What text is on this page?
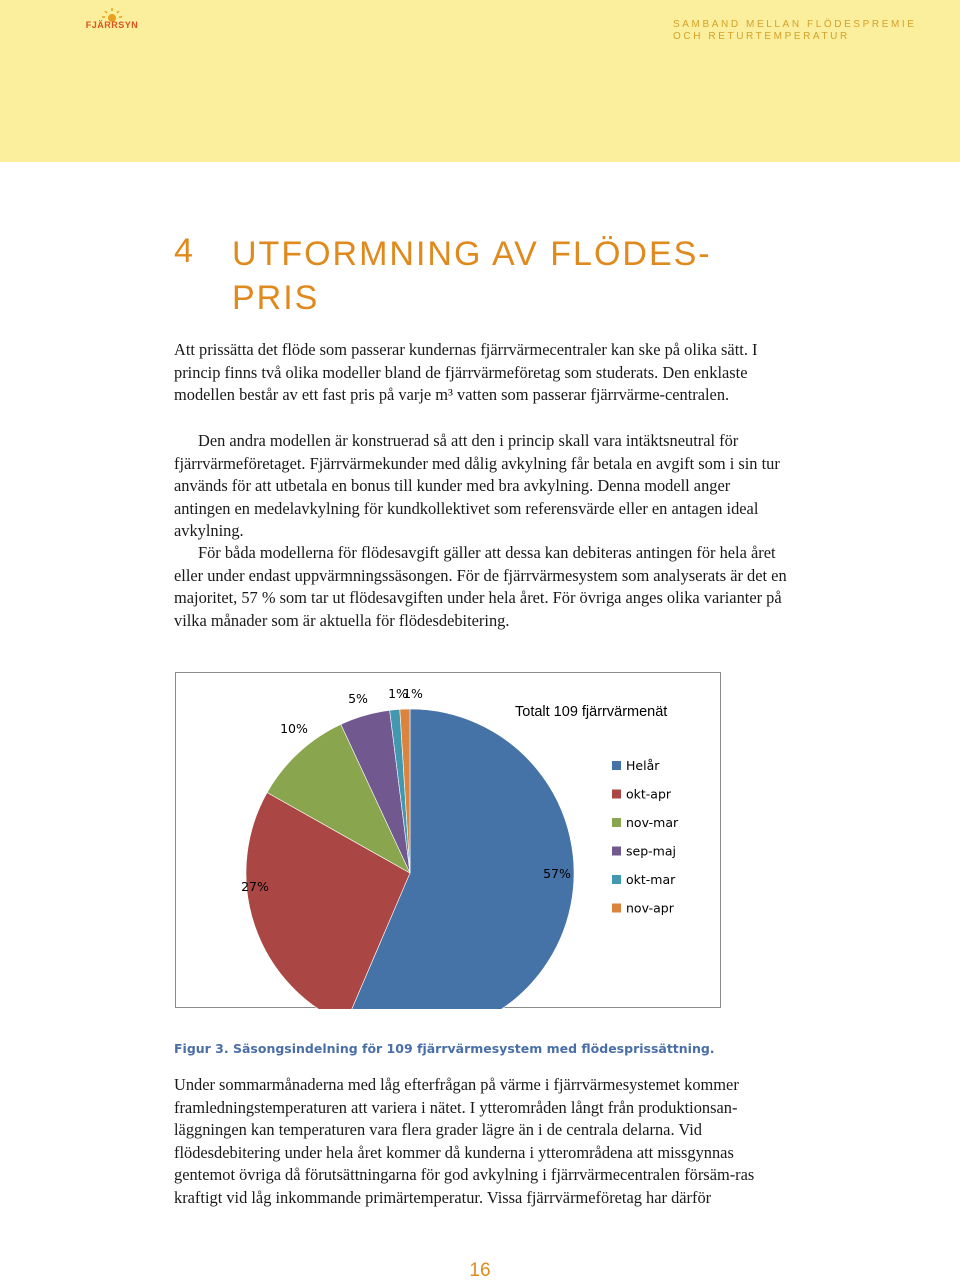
FJÄRRSYN	SAMBAND MELLAN FLÖDESPREMIE OCH RETURTEMPERATUR
4 UTFORMNING AV FLÖDES-PRIS

Att prissätta det flöde som passerar kundernas fjärrvärmecentraler kan ske på olika sätt. I princip finns två olika modeller bland de fjärrvärmeföretag som studerats. Den enklaste modellen består av ett fast pris på varje m³ vatten som passerar fjärrvärme-centralen.

Den andra modellen är konstruerad så att den i princip skall vara intäktsneutral för fjärrvärmeföretaget. Fjärrvärmekunder med dålig avkylning får betala en avgift som i sin tur används för att utbetala en bonus till kunder med bra avkylning. Denna modell anger antingen en medelavkylning för kundkollektivet som referensvärde eller en antagen ideal avkylning.

För båda modellerna för flödesavgift gäller att dessa kan debiteras antingen för hela året eller under endast uppvärmningssäsongen. För de fjärrvärmesystem som analyserats är det en majoritet, 57 % som tar ut flödesavgiften under hela året. För övriga anges olika varianter på vilka månader som är aktuella för flödesdebitering.

Totalt 109 fjärrvärmenät
57%
27%
10%
5% 1%
1%
Helår
okt-apr
nov-mar
sep-maj
okt-mar
nov-apr
Figur 3. Säsongsindelning för 109 fjärrvärmesystem med flödesprissättning.

Under sommarmånaderna med låg efterfrågan på värme i fjärrvärmesystemet kommer framledningstemperaturen att variera i nätet. I ytterområden långt från produktionsan-läggningen kan temperaturen vara flera grader lägre än i de centrala delarna. Vid flödesdebitering under hela året kommer då kunderna i ytterområdena att missgynnas gentemot övriga då förutsättningarna för god avkylning i fjärrvärmecentralen försäm-ras kraftigt vid låg inkommande primärtemperatur. Vissa fjärrvärmeföretag har därför

16
